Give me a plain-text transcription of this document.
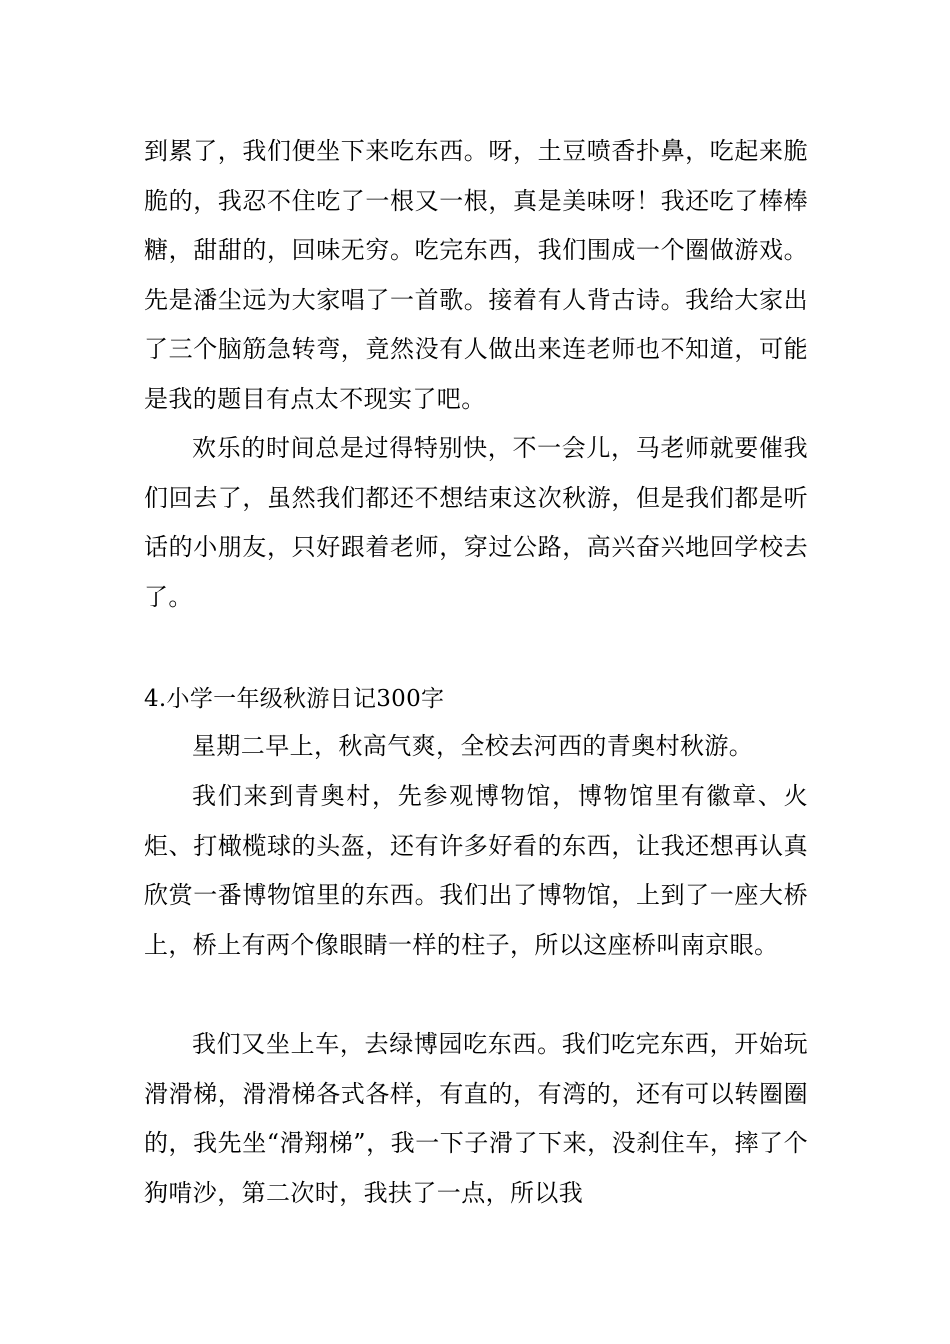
到累了，我们便坐下来吃东西。呀，土豆喷香扑鼻，吃起来脆脆的，我忍不住吃了一根又一根，真是美味呀！我还吃了棒棒糖，甜甜的，回味无穷。吃完东西，我们围成一个圈做游戏。先是潘尘远为大家唱了一首歌。接着有人背古诗。我给大家出了三个脑筋急转弯，竟然没有人做出来连老师也不知道，可能是我的题目有点太不现实了吧。

欢乐的时间总是过得特别快，不一会儿，马老师就要催我们回去了，虽然我们都还不想结束这次秋游，但是我们都是听话的小朋友，只好跟着老师，穿过公路，高兴奋兴地回学校去了。

4.小学一年级秋游日记300字

星期二早上，秋高气爽，全校去河西的青奥村秋游。

我们来到青奥村，先参观博物馆，博物馆里有徽章、火炬、打橄榄球的头盔，还有许多好看的东西，让我还想再认真欣赏一番博物馆里的东西。我们出了博物馆，上到了一座大桥上，桥上有两个像眼睛一样的柱子，所以这座桥叫南京眼。

我们又坐上车，去绿博园吃东西。我们吃完东西，开始玩滑滑梯，滑滑梯各式各样，有直的，有湾的，还有可以转圈圈的，我先坐“滑翔梯”，我一下子滑了下来，没刹住车，摔了个狗啃沙，第二次时，我扶了一点，所以我
